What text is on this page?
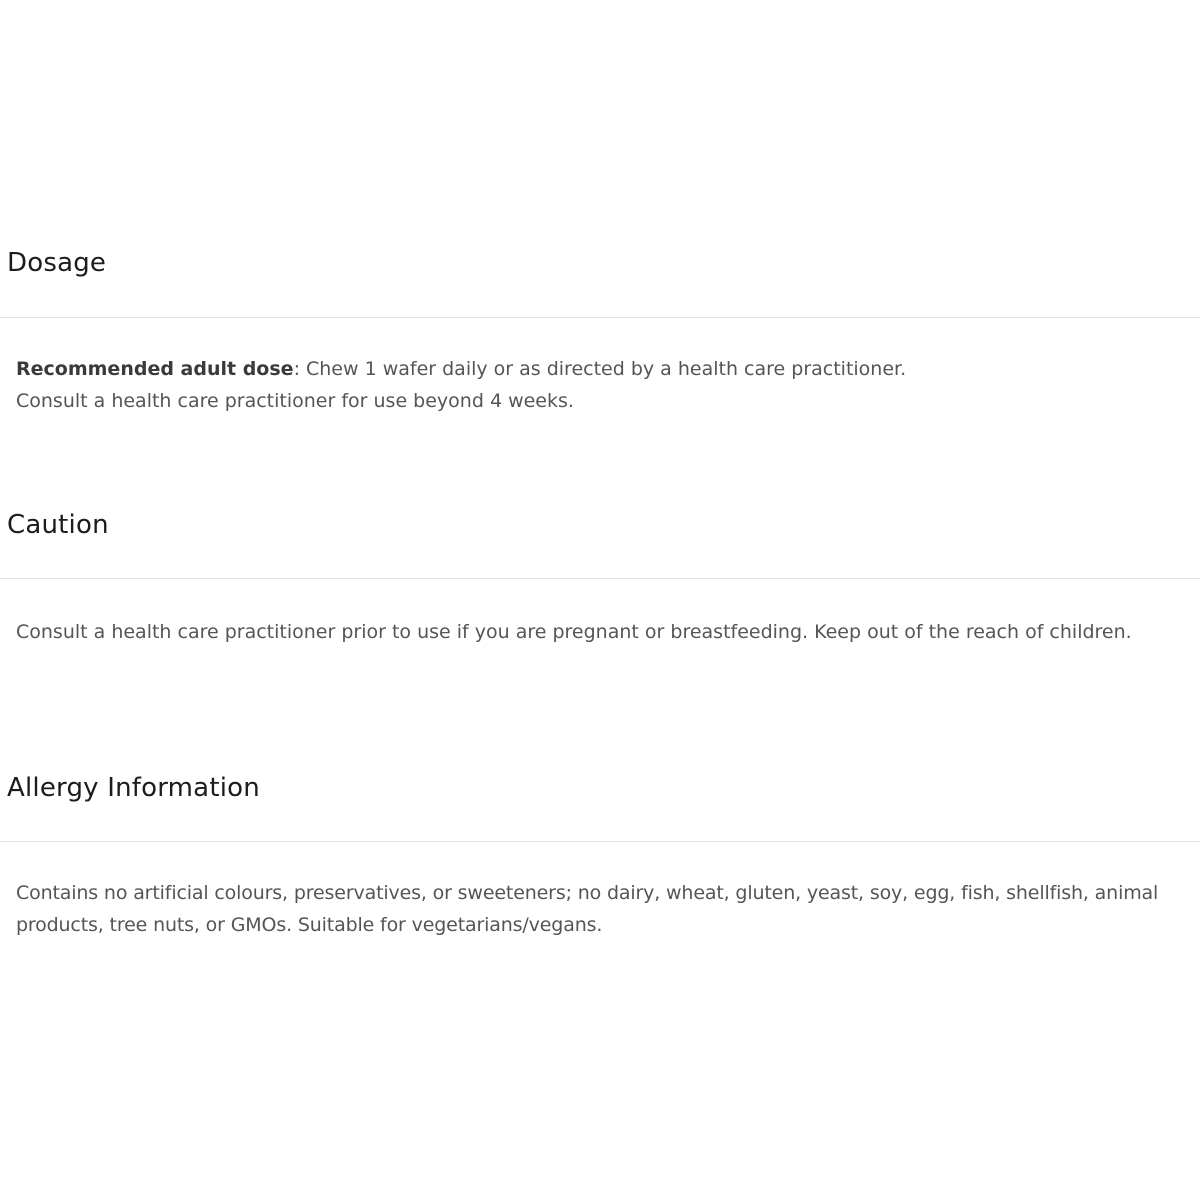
Dosage

Recommended adult dose: Chew 1 wafer daily or as directed by a health care practitioner.

Consult a health care practitioner for use beyond 4 weeks.

Caution

Consult a health care practitioner prior to use if you are pregnant or breastfeeding. Keep out of the reach of children.

Allergy Information

Contains no artificial colours, preservatives, or sweeteners; no dairy, wheat, gluten, yeast, soy, egg, fish, shellfish, animal products, tree nuts, or GMOs. Suitable for vegetarians/vegans.
